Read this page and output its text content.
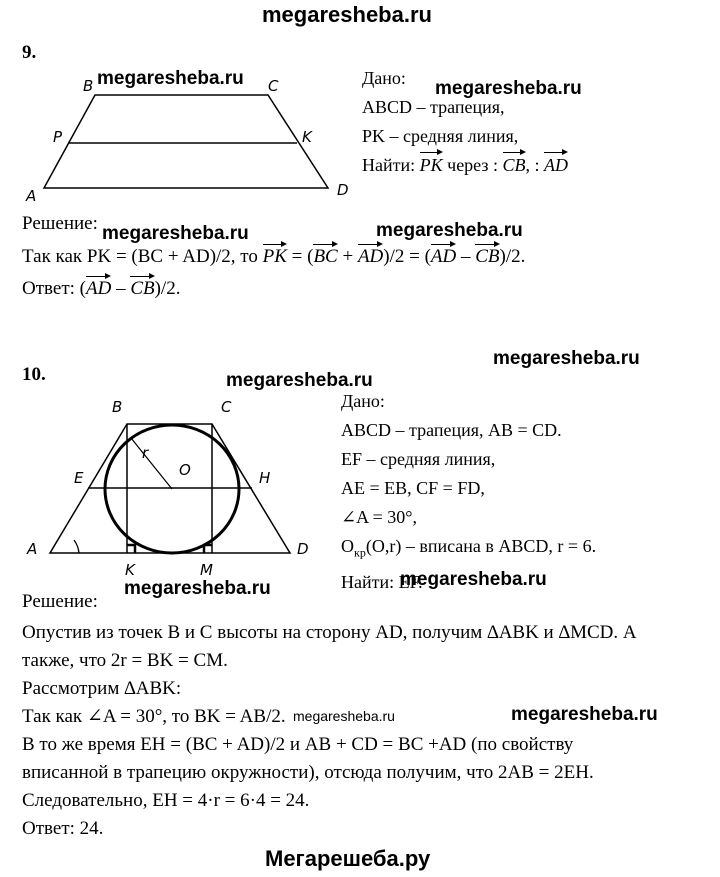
megaresheba.ru
9.
B	C
P	K
A	D
megaresheba.ru	Дано:
ABCD – трапеция,
PK – средняя линия,
Найти: PK через : CB, : AD
megaresheba.ru
Решение: megaresheba.ru	megaresheba.ru
Так как PK = (BC + AD)/2, то PK = (BC + AD)/2 = (AD – CB)/2.
Ответ: (AD – CB)/2.
megaresheba.ru
10.	megaresheba.ru
B	C
r
O
E	H
A	D
K	M
Дано:
ABCD – трапеция, AB = CD.
EF – средняя линия,
AE = EB, CF = FD,
∠A = 30°,
$O_{кр}(O,r)$ – вписана в ABCD, r = 6.
Найти: EF.
megaresheba.ru
megaresheba.ru
Решение:
Опустив из точек B и C высоты на сторону AD, получим ∆ABK и ∆MCD. А
также, что 2r = BK = CM.
Рассмотрим ∆ABK:
Так как ∠A = 30°, то BK = AB/2.
В то же время EH = (BC + AD)/2 и AB + CD = BC +AD (по свойству
вписанной в трапецию окружности), отсюда получим, что 2AB = 2EH.
Следовательно, EH = 4·r = 6·4 = 24.
Ответ: 24.
megaresheba.ru	megaresheba.ru
Мегарешеба.ру
